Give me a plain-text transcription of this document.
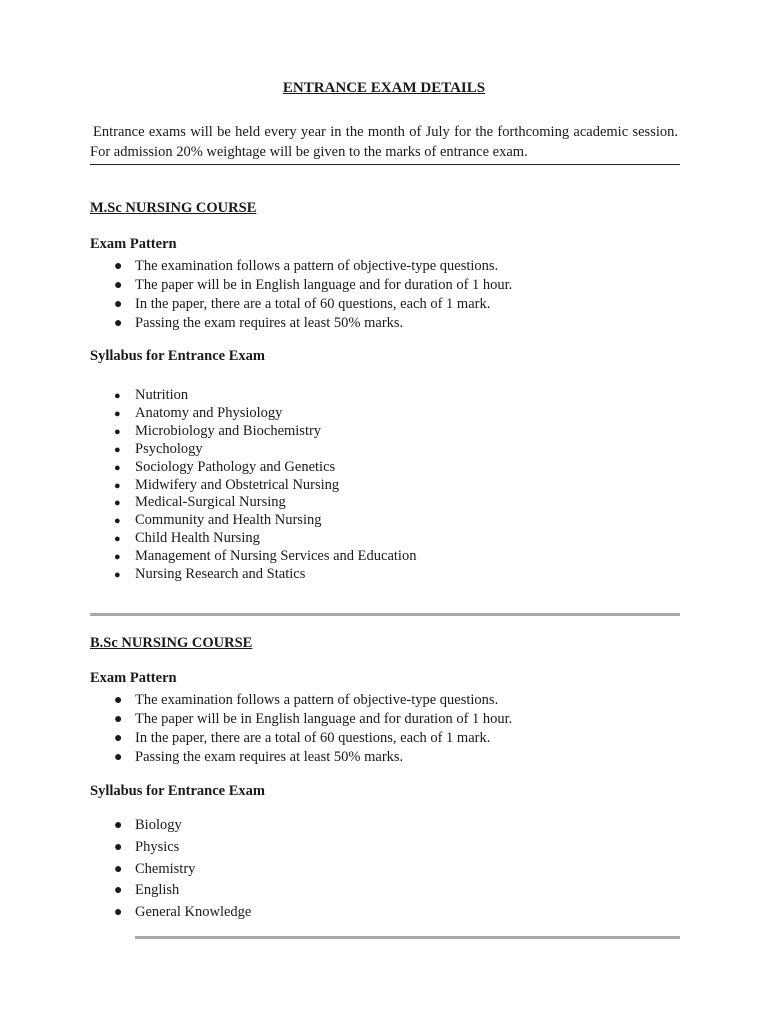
ENTRANCE EXAM DETAILS
Entrance exams will be held every year in the month of July for the forthcoming academic session. For admission 20% weightage will be given to the marks of entrance exam.
M.Sc NURSING COURSE
Exam Pattern
● The examination follows a pattern of objective-type questions.
● The paper will be in English language and for duration of 1 hour.
● In the paper, there are a total of 60 questions, each of 1 mark.
● Passing the exam requires at least 50% marks.
Syllabus for Entrance Exam
● Nutrition
● Anatomy and Physiology
● Microbiology and Biochemistry
● Psychology
● Sociology Pathology and Genetics
● Midwifery and Obstetrical Nursing
● Medical-Surgical Nursing
● Community and Health Nursing
● Child Health Nursing
● Management of Nursing Services and Education
● Nursing Research and Statics
B.Sc NURSING COURSE
Exam Pattern
● The examination follows a pattern of objective-type questions.
● The paper will be in English language and for duration of 1 hour.
● In the paper, there are a total of 60 questions, each of 1 mark.
● Passing the exam requires at least 50% marks.
Syllabus for Entrance Exam
● Biology
● Physics
● Chemistry
● English
● General Knowledge
